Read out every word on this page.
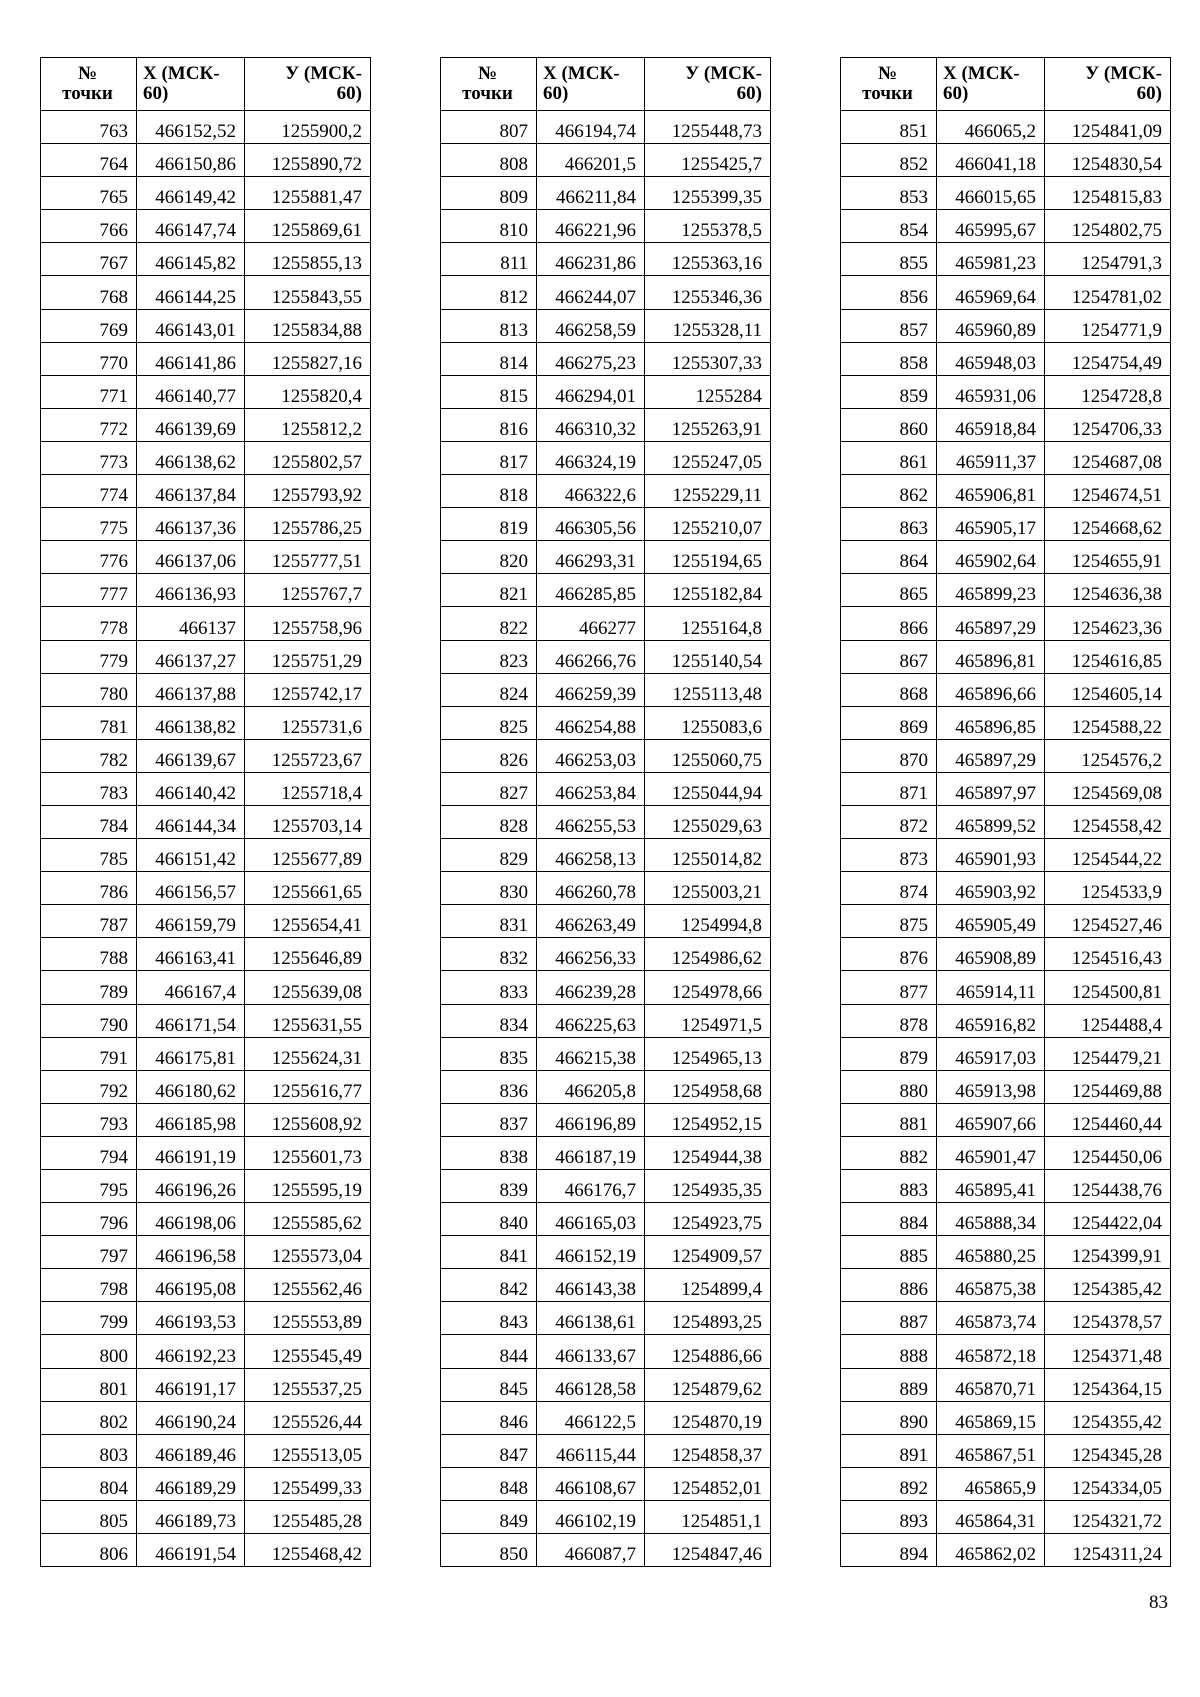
№
точки	X (МСК-
60)	У (МСК-
60)

763	466152,52	1255900,2
764	466150,86	1255890,72
765	466149,42	1255881,47
766	466147,74	1255869,61
767	466145,82	1255855,13
768	466144,25	1255843,55
769	466143,01	1255834,88
770	466141,86	1255827,16
771	466140,77	1255820,4
772	466139,69	1255812,2
773	466138,62	1255802,57
774	466137,84	1255793,92
775	466137,36	1255786,25
776	466137,06	1255777,51
777	466136,93	1255767,7
778	466137	1255758,96
779	466137,27	1255751,29
780	466137,88	1255742,17
781	466138,82	1255731,6
782	466139,67	1255723,67
783	466140,42	1255718,4
784	466144,34	1255703,14
785	466151,42	1255677,89
786	466156,57	1255661,65
787	466159,79	1255654,41
788	466163,41	1255646,89
789	466167,4	1255639,08
790	466171,54	1255631,55
791	466175,81	1255624,31
792	466180,62	1255616,77
793	466185,98	1255608,92
794	466191,19	1255601,73
795	466196,26	1255595,19
796	466198,06	1255585,62
797	466196,58	1255573,04
798	466195,08	1255562,46
799	466193,53	1255553,89
800	466192,23	1255545,49
801	466191,17	1255537,25
802	466190,24	1255526,44
803	466189,46	1255513,05
804	466189,29	1255499,33
805	466189,73	1255485,28
806	466191,54	1255468,42
№
точки	X (МСК-
60)	У (МСК-
60)

807	466194,74	1255448,73
808	466201,5	1255425,7
809	466211,84	1255399,35
810	466221,96	1255378,5
811	466231,86	1255363,16
812	466244,07	1255346,36
813	466258,59	1255328,11
814	466275,23	1255307,33
815	466294,01	1255284
816	466310,32	1255263,91
817	466324,19	1255247,05
818	466322,6	1255229,11
819	466305,56	1255210,07
820	466293,31	1255194,65
821	466285,85	1255182,84
822	466277	1255164,8
823	466266,76	1255140,54
824	466259,39	1255113,48
825	466254,88	1255083,6
826	466253,03	1255060,75
827	466253,84	1255044,94
828	466255,53	1255029,63
829	466258,13	1255014,82
830	466260,78	1255003,21
831	466263,49	1254994,8
832	466256,33	1254986,62
833	466239,28	1254978,66
834	466225,63	1254971,5
835	466215,38	1254965,13
836	466205,8	1254958,68
837	466196,89	1254952,15
838	466187,19	1254944,38
839	466176,7	1254935,35
840	466165,03	1254923,75
841	466152,19	1254909,57
842	466143,38	1254899,4
843	466138,61	1254893,25
844	466133,67	1254886,66
845	466128,58	1254879,62
846	466122,5	1254870,19
847	466115,44	1254858,37
848	466108,67	1254852,01
849	466102,19	1254851,1
850	466087,7	1254847,46
№
точки	X (МСК-
60)	У (МСК-
60)

851	466065,2	1254841,09
852	466041,18	1254830,54
853	466015,65	1254815,83
854	465995,67	1254802,75
855	465981,23	1254791,3
856	465969,64	1254781,02
857	465960,89	1254771,9
858	465948,03	1254754,49
859	465931,06	1254728,8
860	465918,84	1254706,33
861	465911,37	1254687,08
862	465906,81	1254674,51
863	465905,17	1254668,62
864	465902,64	1254655,91
865	465899,23	1254636,38
866	465897,29	1254623,36
867	465896,81	1254616,85
868	465896,66	1254605,14
869	465896,85	1254588,22
870	465897,29	1254576,2
871	465897,97	1254569,08
872	465899,52	1254558,42
873	465901,93	1254544,22
874	465903,92	1254533,9
875	465905,49	1254527,46
876	465908,89	1254516,43
877	465914,11	1254500,81
878	465916,82	1254488,4
879	465917,03	1254479,21
880	465913,98	1254469,88
881	465907,66	1254460,44
882	465901,47	1254450,06
883	465895,41	1254438,76
884	465888,34	1254422,04
885	465880,25	1254399,91
886	465875,38	1254385,42
887	465873,74	1254378,57
888	465872,18	1254371,48
889	465870,71	1254364,15
890	465869,15	1254355,42
891	465867,51	1254345,28
892	465865,9	1254334,05
893	465864,31	1254321,72
894	465862,02	1254311,24
83
